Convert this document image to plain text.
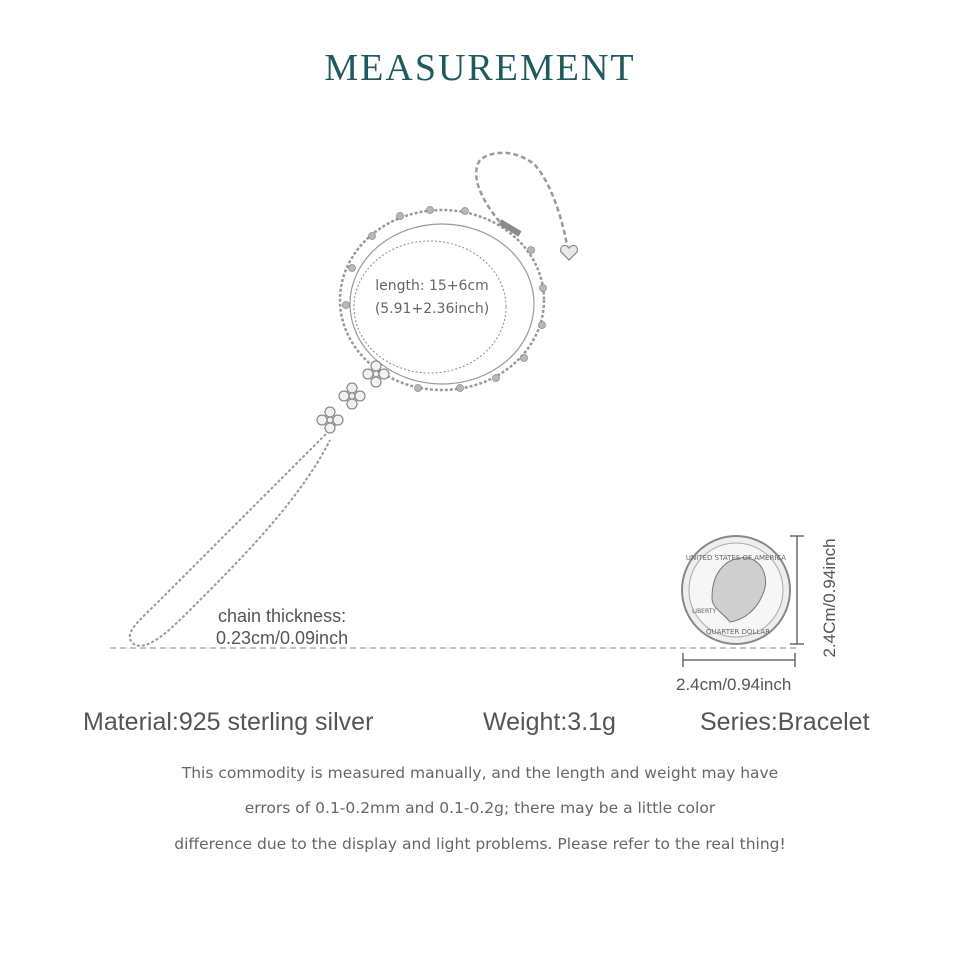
MEASUREMENT
UNITED STATES OF AMERICA
LIBERTY
QUARTER DOLLAR
length: 15+6cm
(5.91+2.36inch)
chain thickness:
0.23cm/0.09inch
2.4cm/0.94inch
2.4Cm/0.94inch
Material:925 sterling silver	Weight:3.1g	Series:Bracelet
This commodity is measured manually, and the length and weight may have
errors of 0.1-0.2mm and 0.1-0.2g; there may be a little color
difference due to the display and light problems. Please refer to the real thing!
